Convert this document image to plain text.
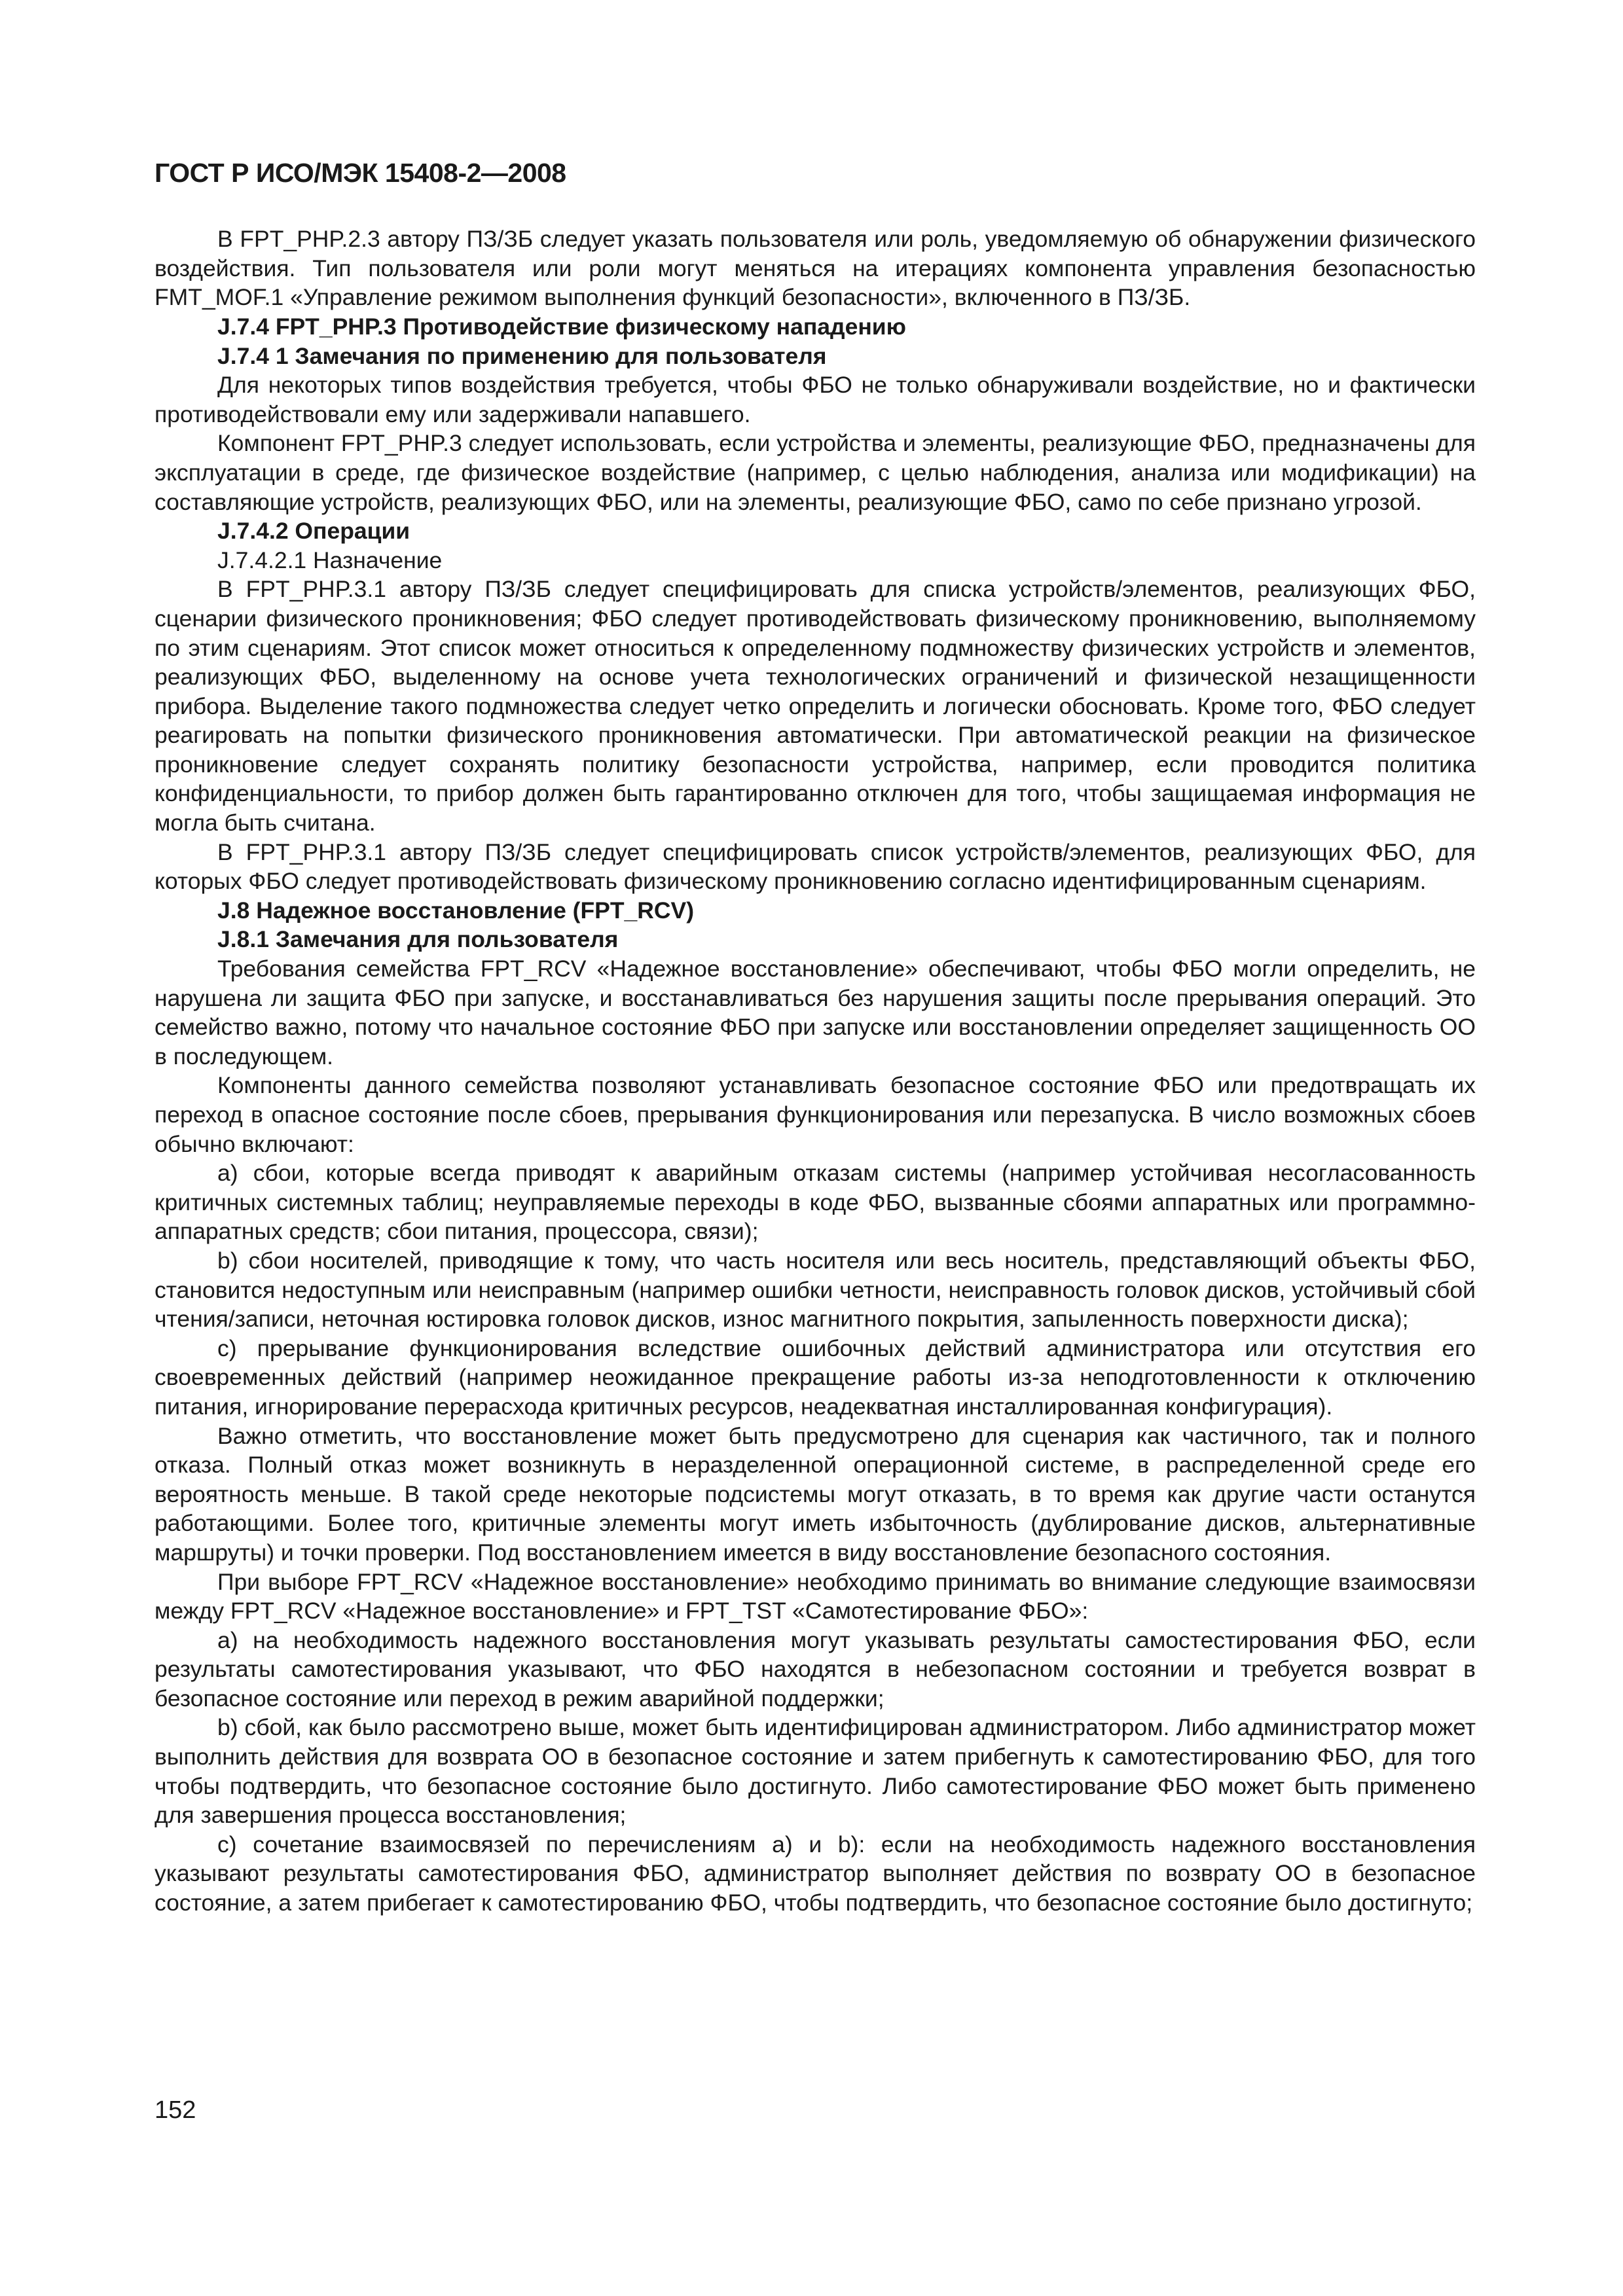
ГОСТ Р ИСО/МЭК 15408-2—2008

В FPT_PHP.2.3 автору ПЗ/ЗБ следует указать пользователя или роль, уведомляемую об обнаружении физического воздействия. Тип пользователя или роли могут меняться на итерациях компонента управления безопасностью FMT_MOF.1 «Управление режимом выполнения функций безопасности», включенного в ПЗ/ЗБ.

J.7.4 FPT_PHP.3 Противодействие физическому нападению
J.7.4 1 Замечания по применению для пользователя

Для некоторых типов воздействия требуется, чтобы ФБО не только обнаруживали воздействие, но и фактически противодействовали ему или задерживали напавшего.

Компонент FPT_PHP.3 следует использовать, если устройства и элементы, реализующие ФБО, предназначены для эксплуатации в среде, где физическое воздействие (например, с целью наблюдения, анализа или модификации) на составляющие устройств, реализующих ФБО, или на элементы, реализующие ФБО, само по себе признано угрозой.

J.7.4.2 Операции

J.7.4.2.1 Назначение

В FPT_PHP.3.1 автору ПЗ/ЗБ следует специфицировать для списка устройств/элементов, реализующих ФБО, сценарии физического проникновения; ФБО следует противодействовать физическому проникновению, выполняемому по этим сценариям. Этот список может относиться к определенному подмножеству физических устройств и элементов, реализующих ФБО, выделенному на основе учета технологических ограничений и физической незащищенности прибора. Выделение такого подмножества следует четко определить и логически обосновать. Кроме того, ФБО следует реагировать на попытки физического проникновения автоматически. При автоматической реакции на физическое проникновение следует сохранять политику безопасности устройства, например, если проводится политика конфиденциальности, то прибор должен быть гарантированно отключен для того, чтобы защищаемая информация не могла быть считана.

В FPT_PHP.3.1 автору ПЗ/ЗБ следует специфицировать список устройств/элементов, реализующих ФБО, для которых ФБО следует противодействовать физическому проникновению согласно идентифицированным сценариям.

J.8 Надежное восстановление (FPT_RCV)
J.8.1 Замечания для пользователя

Требования семейства FPT_RCV «Надежное восстановление» обеспечивают, чтобы ФБО могли определить, не нарушена ли защита ФБО при запуске, и восстанавливаться без нарушения защиты после прерывания операций. Это семейство важно, потому что начальное состояние ФБО при запуске или восстановлении определяет защищенность ОО в последующем.

Компоненты данного семейства позволяют устанавливать безопасное состояние ФБО или предотвращать их переход в опасное состояние после сбоев, прерывания функционирования или перезапуска. В число возможных сбоев обычно включают:

a) сбои, которые всегда приводят к аварийным отказам системы (например устойчивая несогласованность критичных системных таблиц; неуправляемые переходы в коде ФБО, вызванные сбоями аппаратных или программно-аппаратных средств; сбои питания, процессора, связи);

b) сбои носителей, приводящие к тому, что часть носителя или весь носитель, представляющий объекты ФБО, становится недоступным или неисправным (например ошибки четности, неисправность головок дисков, устойчивый сбой чтения/записи, неточная юстировка головок дисков, износ магнитного покрытия, запыленность поверхности диска);

c) прерывание функционирования вследствие ошибочных действий администратора или отсутствия его своевременных действий (например неожиданное прекращение работы из-за неподготовленности к отключению питания, игнорирование перерасхода критичных ресурсов, неадекватная инсталлированная конфигурация).

Важно отметить, что восстановление может быть предусмотрено для сценария как частичного, так и полного отказа. Полный отказ может возникнуть в неразделенной операционной системе, в распределенной среде его вероятность меньше. В такой среде некоторые подсистемы могут отказать, в то время как другие части останутся работающими. Более того, критичные элементы могут иметь избыточность (дублирование дисков, альтернативные маршруты) и точки проверки. Под восстановлением имеется в виду восстановление безопасного состояния.

При выборе FPT_RCV «Надежное восстановление» необходимо принимать во внимание следующие взаимосвязи между FPT_RCV «Надежное восстановление» и FPT_TST «Самотестирование ФБО»:

a) на необходимость надежного восстановления могут указывать результаты самостестирования ФБО, если результаты самотестирования указывают, что ФБО находятся в небезопасном состоянии и требуется возврат в безопасное состояние или переход в режим аварийной поддержки;

b) сбой, как было рассмотрено выше, может быть идентифицирован администратором. Либо администратор может выполнить действия для возврата ОО в безопасное состояние и затем прибегнуть к самотестированию ФБО, для того чтобы подтвердить, что безопасное состояние было достигнуто. Либо самотестирование ФБО может быть применено для завершения процесса восстановления;

c) сочетание взаимосвязей по перечислениям a) и b): если на необходимость надежного восстановления указывают результаты самотестирования ФБО, администратор выполняет действия по возврату ОО в безопасное состояние, а затем прибегает к самотестированию ФБО, чтобы подтвердить, что безопасное состояние было достигнуто;

152
